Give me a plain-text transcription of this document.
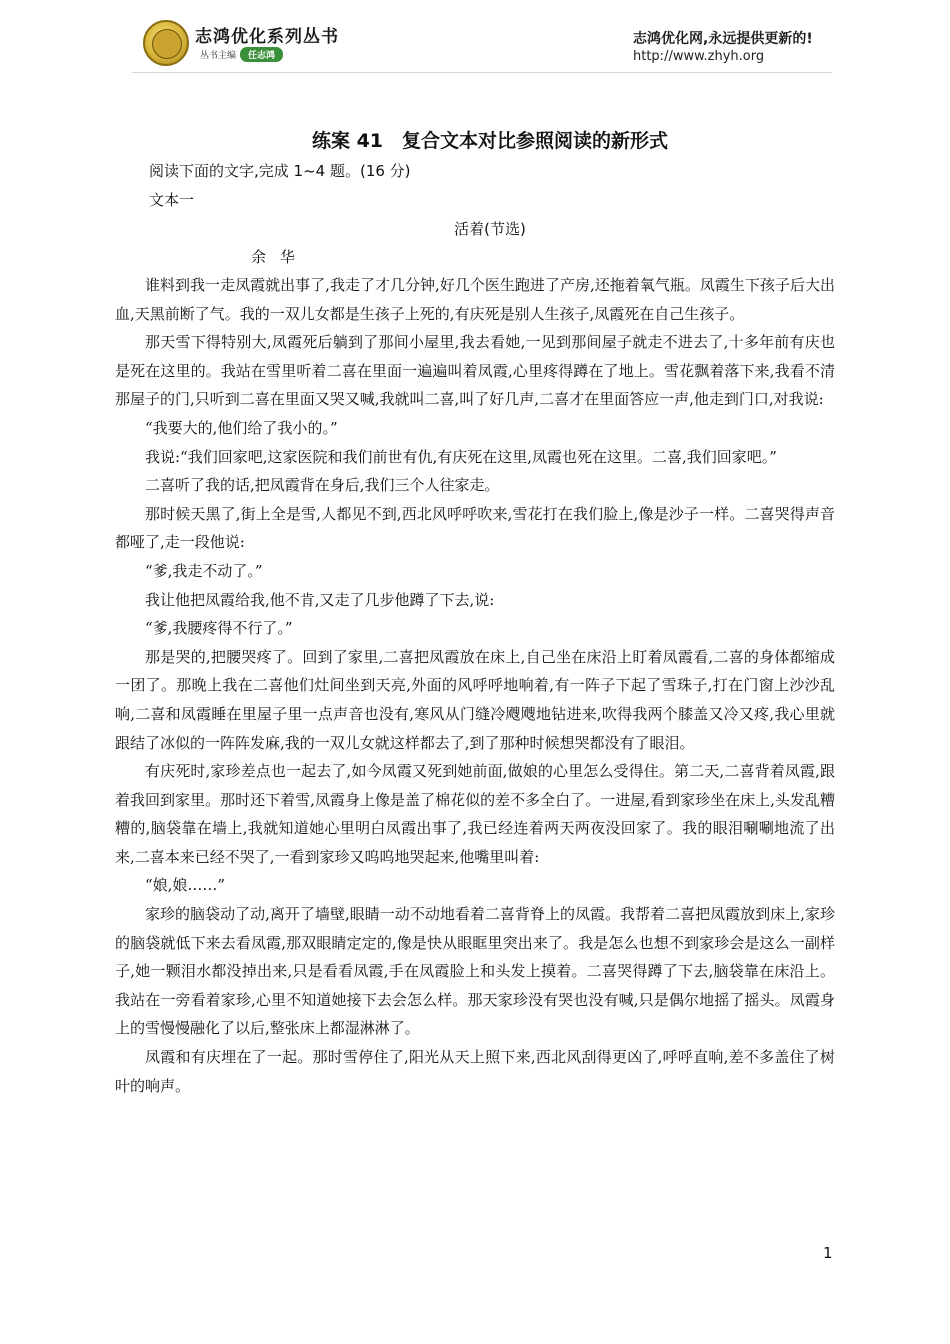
志鸿优化系列丛书
丛书主编 任志鸿
志鸿优化网,永远提供更新的!
http://www.zhyh.org
练案 41　复合文本对比参照阅读的新形式
阅读下面的文字,完成 1~4 题。(16 分)
文本一
活着(节选)
余华

谁料到我一走凤霞就出事了,我走了才几分钟,好几个医生跑进了产房,还拖着氧气瓶。凤霞生下孩子后大出血,天黑前断了气。我的一双儿女都是生孩子上死的,有庆死是别人生孩子,凤霞死在自己生孩子。

那天雪下得特别大,凤霞死后躺到了那间小屋里,我去看她,一见到那间屋子就走不进去了,十多年前有庆也是死在这里的。我站在雪里听着二喜在里面一遍遍叫着凤霞,心里疼得蹲在了地上。雪花飘着落下来,我看不清那屋子的门,只听到二喜在里面又哭又喊,我就叫二喜,叫了好几声,二喜才在里面答应一声,他走到门口,对我说:

“我要大的,他们给了我小的。”

我说:“我们回家吧,这家医院和我们前世有仇,有庆死在这里,凤霞也死在这里。二喜,我们回家吧。”

二喜听了我的话,把凤霞背在身后,我们三个人往家走。

那时候天黑了,街上全是雪,人都见不到,西北风呼呼吹来,雪花打在我们脸上,像是沙子一样。二喜哭得声音都哑了,走一段他说:

“爹,我走不动了。”

我让他把凤霞给我,他不肯,又走了几步他蹲了下去,说:

“爹,我腰疼得不行了。”

那是哭的,把腰哭疼了。回到了家里,二喜把凤霞放在床上,自己坐在床沿上盯着凤霞看,二喜的身体都缩成一团了。那晚上我在二喜他们灶间坐到天亮,外面的风呼呼地响着,有一阵子下起了雪珠子,打在门窗上沙沙乱响,二喜和凤霞睡在里屋子里一点声音也没有,寒风从门缝冷飕飕地钻进来,吹得我两个膝盖又冷又疼,我心里就跟结了冰似的一阵阵发麻,我的一双儿女就这样都去了,到了那种时候想哭都没有了眼泪。

有庆死时,家珍差点也一起去了,如今凤霞又死到她前面,做娘的心里怎么受得住。第二天,二喜背着凤霞,跟着我回到家里。那时还下着雪,凤霞身上像是盖了棉花似的差不多全白了。一进屋,看到家珍坐在床上,头发乱糟糟的,脑袋靠在墙上,我就知道她心里明白凤霞出事了,我已经连着两天两夜没回家了。我的眼泪唰唰地流了出来,二喜本来已经不哭了,一看到家珍又呜呜地哭起来,他嘴里叫着:

“娘,娘……”

家珍的脑袋动了动,离开了墙壁,眼睛一动不动地看着二喜背脊上的凤霞。我帮着二喜把凤霞放到床上,家珍的脑袋就低下来去看凤霞,那双眼睛定定的,像是快从眼眶里突出来了。我是怎么也想不到家珍会是这么一副样子,她一颗泪水都没掉出来,只是看看凤霞,手在凤霞脸上和头发上摸着。二喜哭得蹲了下去,脑袋靠在床沿上。我站在一旁看着家珍,心里不知道她接下去会怎么样。那天家珍没有哭也没有喊,只是偶尔地摇了摇头。凤霞身上的雪慢慢融化了以后,整张床上都湿淋淋了。

凤霞和有庆埋在了一起。那时雪停住了,阳光从天上照下来,西北风刮得更凶了,呼呼直响,差不多盖住了树叶的响声。

1
